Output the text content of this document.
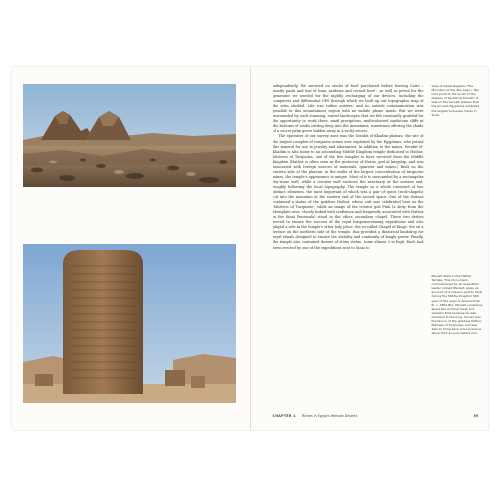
independently. We survived on stocks of food purchased before leaving Cairo – mostly pasta and tins of tuna, sardines and corned beef – as well as petrol for the generator we needed for the nightly recharging of our devices, including the computers and differential GPS through which we built up our topographic map of the sites studied. Life was rather austere, and no outside communication was possible in this mountainous region with no mobile phone masts. But we were surrounded by such stunning, varied landscapes that we felt constantly grateful for the opportunity to work there, amid precipitous, multicoloured sandstone cliffs at the bottoms of wadis cutting deep into the mountains, sometimes offering the shade of a secret palm grove hidden away in a rocky recess.

The epicentre of our survey zone was the Serabit el-Khadim plateau, the site of the largest complex of turquoise mines ever exploited by the Egyptians, who prized this mineral for use in jewelry and adornment. In addition to the mines, Serabit el-Khadim is also home to an astounding Middle Kingdom temple dedicated to Hathor, Mistress of Turquoise, one of the few temples to have survived from the Middle Kingdom (Hathor is often seen as the protector of Horus, god of kingship, and was associated with foreign sources of materials, quarries and mines.) Built on the eastern side of the plateau, in the midst of the largest concentration of turquoise mines, the temple's appearance is unique. Most of it is surrounded by a rectangular dry-stone wall, while a circular wall encloses the sanctuary at the eastern end, roughly following the local topography. The temple as a whole consisted of two distinct elements, the most important of which was a pair of speos (rock-chapels) cut into the mountain at the eastern end of the sacred space. One of the shrines contained a statue of the goddess Hathor, whose cult was celebrated here as the 'Mistress of Turquoise', while an image of the creator god Ptah (a deity from the Memphite area, closely linked with craftsmen and frequently associated with Hathor in the Sinai Peninsula) stood in the other, secondary chapel. These two deities served to ensure the success of the royal turquoise-mining expeditions and also played a role in the temple's other holy place, the so-called Chapel of Kings. Set on a terrace on the northern side of the temple, this provided a theatrical backdrop for royal rituals designed to ensure the stability and continuity of kingly power. Finally, the temple also contained dozens of stone stelae, some almost 3 m high. Each had been erected by one of the expeditions sent to Sinai to

View of Gebel Regbeh ('The Mountain of the Two Legs'). Two huts point to the south of the plateau of Serabit el-Khadim. It was on the Serabit plateau that the ancient Egyptians exploited the largest turquoise mines in Sinai.

Menwit Stela in the Hathor Temple. This monument, commissioned by an expedition leader named Menwit, gives an account of a mission sent to Sinai during the Middle Kingdom (6th year of the reign of Amenemhat III, c. 1850 BC). Menwit complains about the summer heat, but explains that because he was obedient to the king, he had won the favour of the goddess Hathor, Mistress of Turquoise, and was able to bring back more precious stone than anyone before him.

CHAPTER 1 Riches in Egypt's Remote Deserts	39
